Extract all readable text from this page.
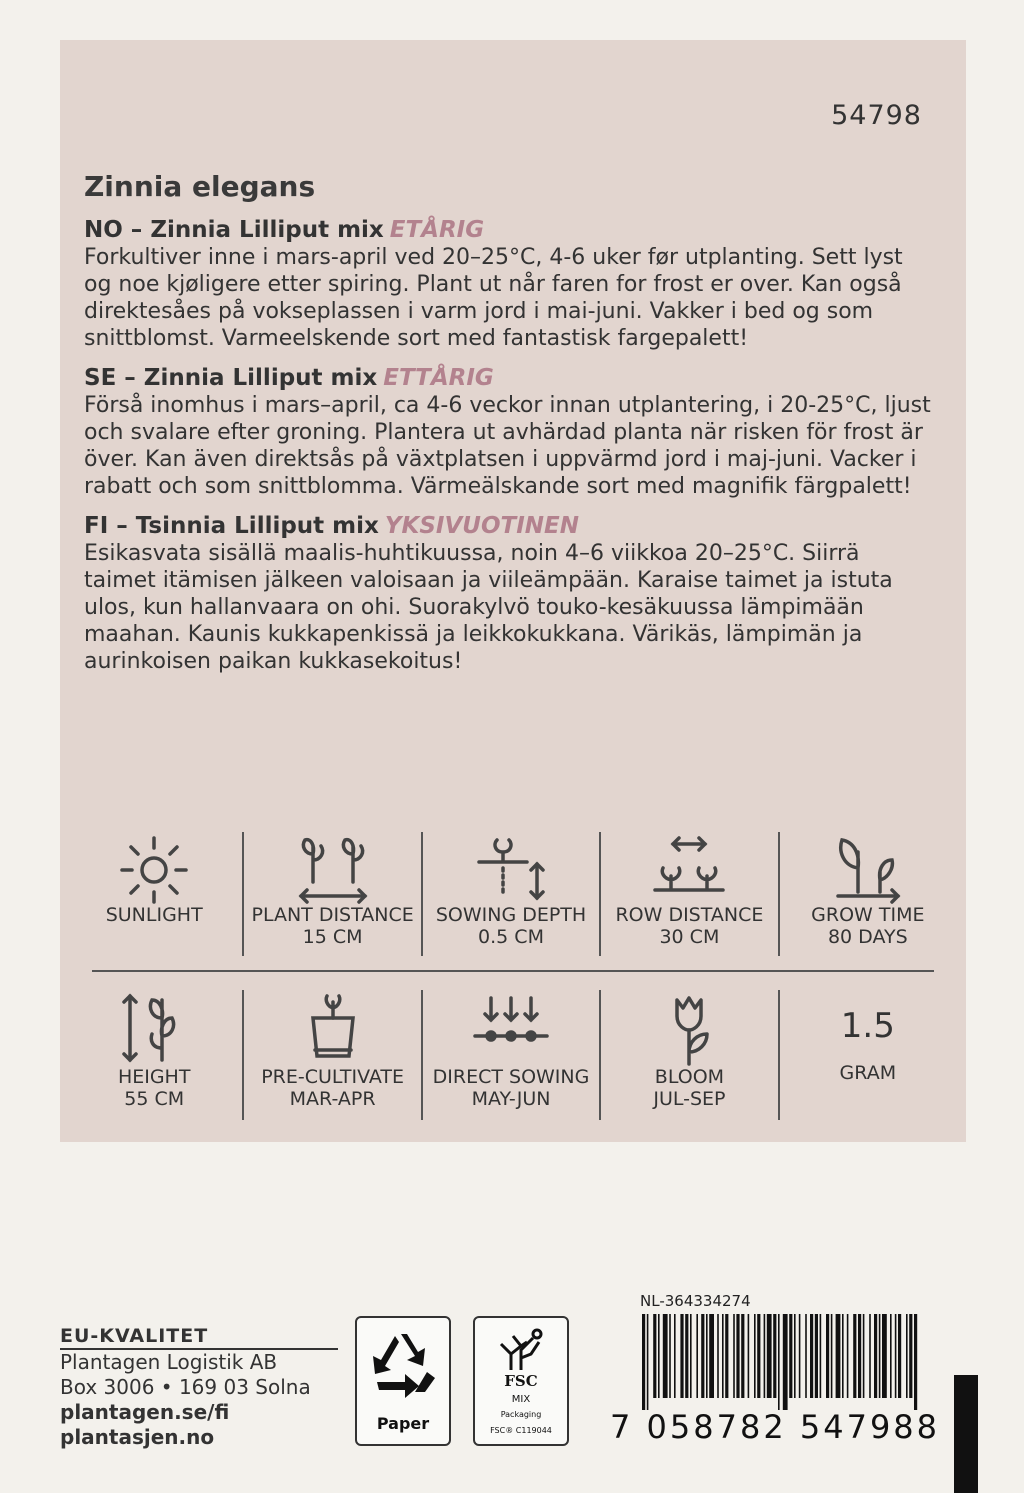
54798
Zinnia elegans
NO – Zinnia Lilliput mix ETÅRIG
Forkultiver inne i mars-april ved 20–25°C, 4-6 uker før utplanting. Sett lyst og noe kjøligere etter spiring. Plant ut når faren for frost er over. Kan også direktesåes på vokseplassen i varm jord i mai-juni. Vakker i bed og som snittblomst. Varmeelskende sort med fantastisk fargepalett!
SE – Zinnia Lilliput mix ETTÅRIG
Förså inomhus i mars–april, ca 4-6 veckor innan utplantering, i 20-25°C, ljust och svalare efter groning. Plantera ut avhärdad planta när risken för frost är över. Kan även direktsås på växtplatsen i uppvärmd jord i maj-juni. Vacker i rabatt och som snittblomma. Värmeälskande sort med magnifik färgpalett!
FI – Tsinnia Lilliput mix YKSIVUOTINEN
Esikasvata sisällä maalis-huhtikuussa, noin 4–6 viikkoa 20–25°C. Siirrä taimet itämisen jälkeen valoisaan ja viileämpään. Karaise taimet ja istuta ulos, kun hallanvaara on ohi. Suorakylvö touko-kesäkuussa lämpimään maahan. Kaunis kukkapenkissä ja leikkokukkana. Värikäs, lämpimän ja aurinkoisen paikan kukkasekoitus!
SUNLIGHT	PLANT DISTANCE
15 CM
SOWING DEPTH
0.5 CM
ROW DISTANCE
30 CM
GROW TIME
80 DAYS
HEIGHT
55 CM
PRE-CULTIVATE
MAR-APR
DIRECT SOWING
MAY-JUN
BLOOM
JUL-SEP
1.5
GRAM
EU-KVALITET
Plantagen Logistik AB
Box 3006 • 169 03 Solna
plantagen.se/fi
plantasjen.no
Paper
FSC
MIX
Packaging
FSC® C119044
NL-364334274
7 058782 547988
